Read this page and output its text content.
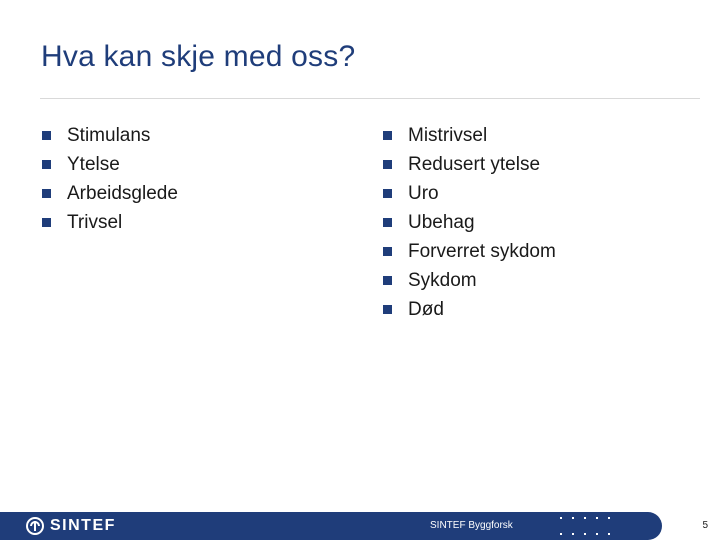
Hva kan skje med oss?
Stimulans
Ytelse
Arbeidsglede
Trivsel
Mistrivsel
Redusert ytelse
Uro
Ubehag
Forverret sykdom
Sykdom
Død
SINTEF	SINTEF Byggforsk	5
